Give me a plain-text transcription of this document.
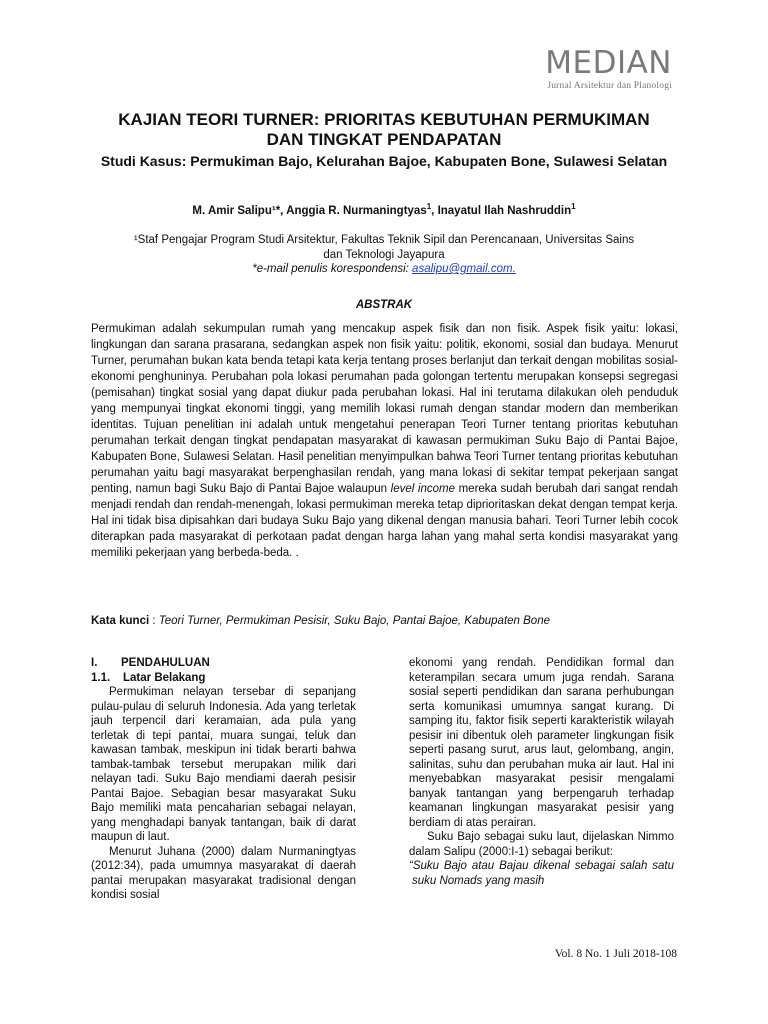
MEDIAN
Jurnal Arsitektur dan Planologi
KAJIAN TEORI TURNER: PRIORITAS KEBUTUHAN PERMUKIMAN
DAN TINGKAT PENDAPATAN
Studi Kasus: Permukiman Bajo, Kelurahan Bajoe, Kabupaten Bone, Sulawesi Selatan
M. Amir Salipu¹*, Anggia R. Nurmaningtyas$^1$, Inayatul Ilah Nashruddin$^1$
¹Staf Pengajar Program Studi Arsitektur, Fakultas Teknik Sipil dan Perencanaan, Universitas Sains
dan Teknologi Jayapura
*e-mail penulis korespondensi: asalipu@gmail.com.
ABSTRAK

Permukiman adalah sekumpulan rumah yang mencakup aspek fisik dan non fisik. Aspek fisik yaitu: lokasi, lingkungan dan sarana prasarana, sedangkan aspek non fisik yaitu: politik, ekonomi, sosial dan budaya. Menurut Turner, perumahan bukan kata benda tetapi kata kerja tentang proses berlanjut dan terkait dengan mobilitas sosial-ekonomi penghuninya. Perubahan pola lokasi perumahan pada golongan tertentu merupakan konsepsi segregasi (pemisahan) tingkat sosial yang dapat diukur pada perubahan lokasi. Hal ini terutama dilakukan oleh penduduk yang mempunyai tingkat ekonomi tinggi, yang memilih lokasi rumah dengan standar modern dan memberikan identitas. Tujuan penelitian ini adalah untuk mengetahui penerapan Teori Turner tentang prioritas kebutuhan perumahan terkait dengan tingkat pendapatan masyarakat di kawasan permukiman Suku Bajo di Pantai Bajoe, Kabupaten Bone, Sulawesi Selatan. Hasil penelitian menyimpulkan bahwa Teori Turner tentang prioritas kebutuhan perumahan yaitu bagi masyarakat berpenghasilan rendah, yang mana lokasi di sekitar tempat pekerjaan sangat penting, namun bagi Suku Bajo di Pantai Bajoe walaupun level income mereka sudah berubah dari sangat rendah menjadi rendah dan rendah-menengah, lokasi permukiman mereka tetap diprioritaskan dekat dengan tempat kerja. Hal ini tidak bisa dipisahkan dari budaya Suku Bajo yang dikenal dengan manusia bahari. Teori Turner lebih cocok diterapkan pada masyarakat di perkotaan padat dengan harga lahan yang mahal serta kondisi masyarakat yang memiliki pekerjaan yang berbeda-beda. .

Kata kunci : Teori Turner, Permukiman Pesisir, Suku Bajo, Pantai Bajoe, Kabupaten Bone
I. PENDAHULUAN
1.1. Latar Belakang

Permukiman nelayan tersebar di sepanjang pulau-pulau di seluruh Indonesia. Ada yang terletak jauh terpencil dari keramaian, ada pula yang terletak di tepi pantai, muara sungai, teluk dan kawasan tambak, meskipun ini tidak berarti bahwa tambak-tambak tersebut merupakan milik dari nelayan tadi. Suku Bajo mendiami daerah pesisir Pantai Bajoe. Sebagian besar masyarakat Suku Bajo memiliki mata pencaharian sebagai nelayan, yang menghadapi banyak tantangan, baik di darat maupun di laut.

Menurut Juhana (2000) dalam Nurmaningtyas (2012:34), pada umumnya masyarakat di daerah pantai merupakan masyarakat tradisional dengan kondisi sosial

ekonomi yang rendah. Pendidikan formal dan keterampilan secara umum juga rendah. Sarana sosial seperti pendidikan dan sarana perhubungan serta komunikasi umumnya sangat kurang. Di samping itu, faktor fisik seperti karakteristik wilayah pesisir ini dibentuk oleh parameter lingkungan fisik seperti pasang surut, arus laut, gelombang, angin, salinitas, suhu dan perubahan muka air laut. Hal ini menyebabkan masyarakat pesisir mengalami banyak tantangan yang berpengaruh terhadap keamanan lingkungan masyarakat pesisir yang berdiam di atas perairan.

Suku Bajo sebagai suku laut, dijelaskan Nimmo dalam Salipu (2000:I-1) sebagai berikut:

“Suku Bajo atau Bajau dikenal sebagai salah satu suku Nomads yang masih

Vol. 8 No. 1 Juli 2018-108
